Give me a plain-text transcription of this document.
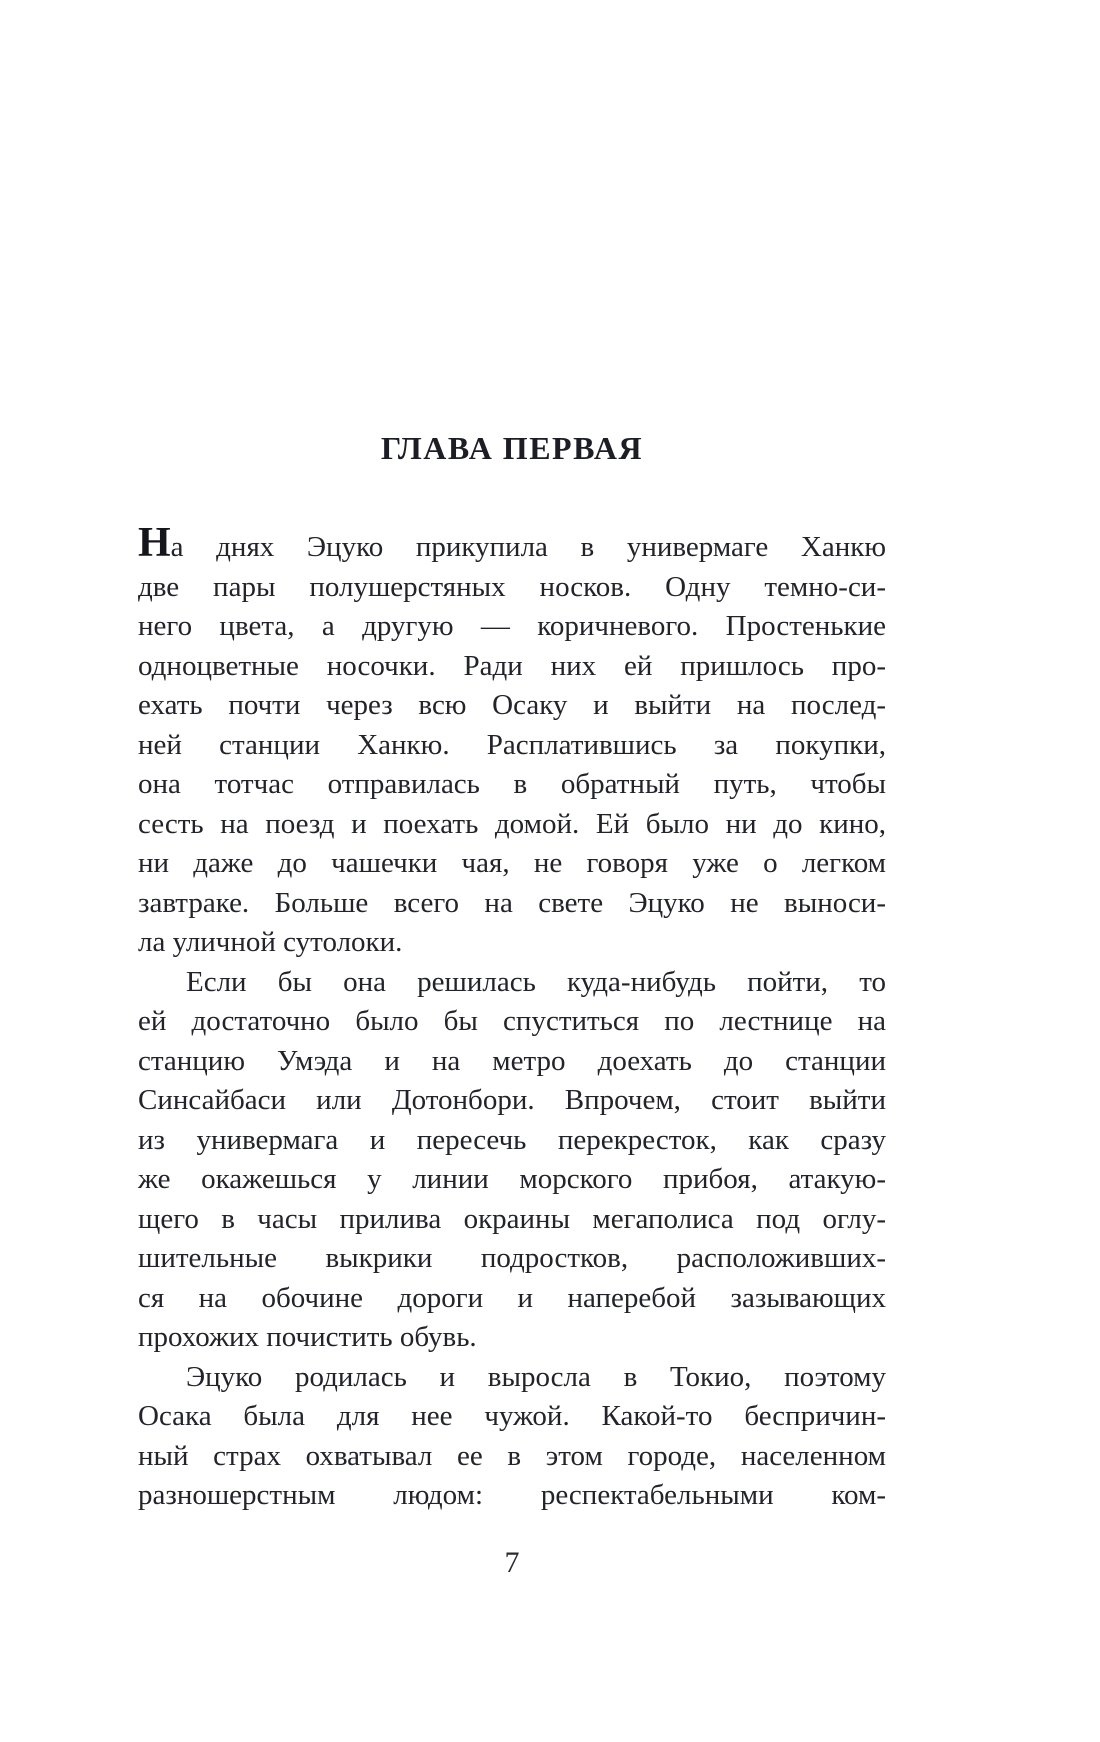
ГЛАВА ПЕРВАЯ
На днях Эцуко прикупила в универмаге Ханкю
две пары полушерстяных носков. Одну темно-си-
него цвета, а другую — коричневого. Простенькие
одноцветные носочки. Ради них ей пришлось про-
ехать почти через всю Осаку и выйти на послед-
ней станции Ханкю. Расплатившись за покупки,
она тотчас отправилась в обратный путь, чтобы
сесть на поезд и поехать домой. Ей было ни до кино,
ни даже до чашечки чая, не говоря уже о легком
завтраке. Больше всего на свете Эцуко не выноси-
ла уличной сутолоки.
Если бы она решилась куда-нибудь пойти, то
ей достаточно было бы спуститься по лестнице на
станцию Умэда и на метро доехать до станции
Синсайбаси или Дотонбори. Впрочем, стоит выйти
из универмага и пересечь перекресток, как сразу
же окажешься у линии морского прибоя, атакую-
щего в часы прилива окраины мегаполиса под оглу-
шительные выкрики подростков, расположивших-
ся на обочине дороги и наперебой зазывающих
прохожих почистить обувь.
Эцуко родилась и выросла в Токио, поэтому
Осака была для нее чужой. Какой-то беспричин-
ный страх охватывал ее в этом городе, населенном
разношерстным людом: респектабельными ком-
7
